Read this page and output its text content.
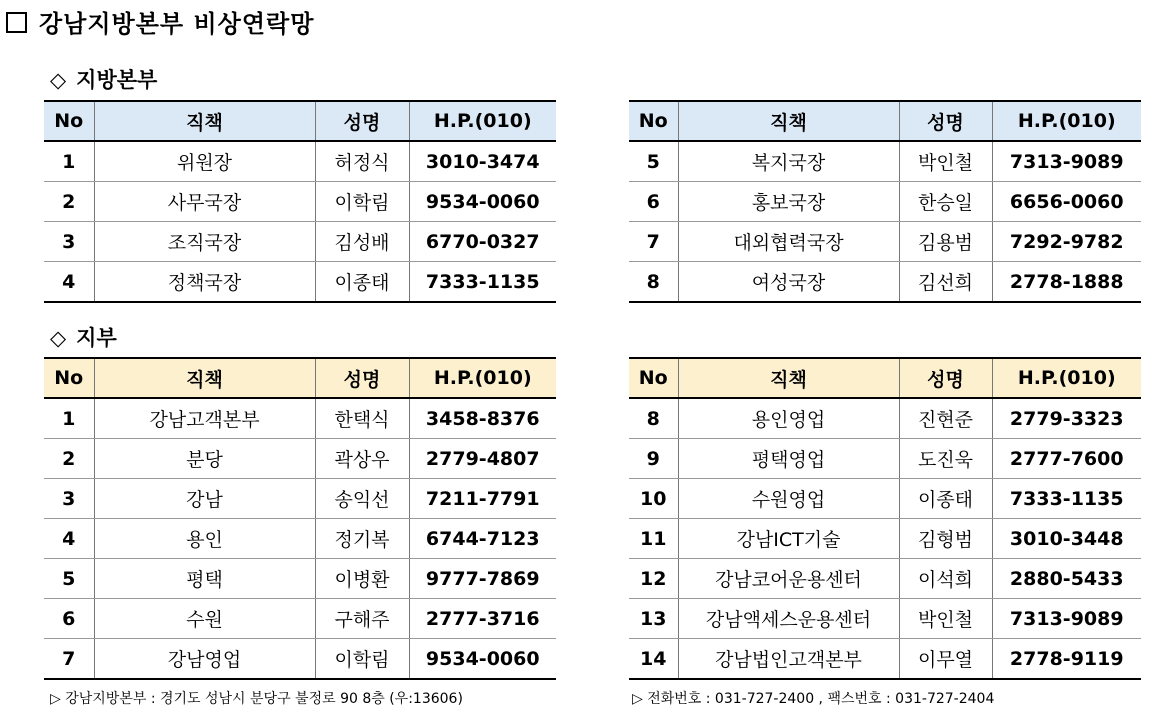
강남지방본부 비상연락망
◇ 지방본부
No	직책	성명	H.P.(010)
1	위원장	허정식	3010-3474
2	사무국장	이학림	9534-0060
3	조직국장	김성배	6770-0327
4	정책국장	이종태	7333-1135
No	직책	성명	H.P.(010)
5	복지국장	박인철	7313-9089
6	홍보국장	한승일	6656-0060
7	대외협력국장	김용범	7292-9782
8	여성국장	김선희	2778-1888
◇ 지부
No	직책	성명	H.P.(010)
1	강남고객본부	한택식	3458-8376
2	분당	곽상우	2779-4807
3	강남	송익선	7211-7791
4	용인	정기복	6744-7123
5	평택	이병환	9777-7869
6	수원	구해주	2777-3716
7	강남영업	이학림	9534-0060
No	직책	성명	H.P.(010)
8	용인영업	진현준	2779-3323
9	평택영업	도진욱	2777-7600
10	수원영업	이종태	7333-1135
11	강남ICT기술	김형범	3010-3448
12	강남코어운용센터	이석희	2880-5433
13	강남액세스운용센터	박인철	7313-9089
14	강남법인고객본부	이무열	2778-9119
▷ 강남지방본부 : 경기도 성남시 분당구 불정로 90 8층 (우:13606)	▷ 전화번호 : 031-727-2400 , 팩스번호 : 031-727-2404
